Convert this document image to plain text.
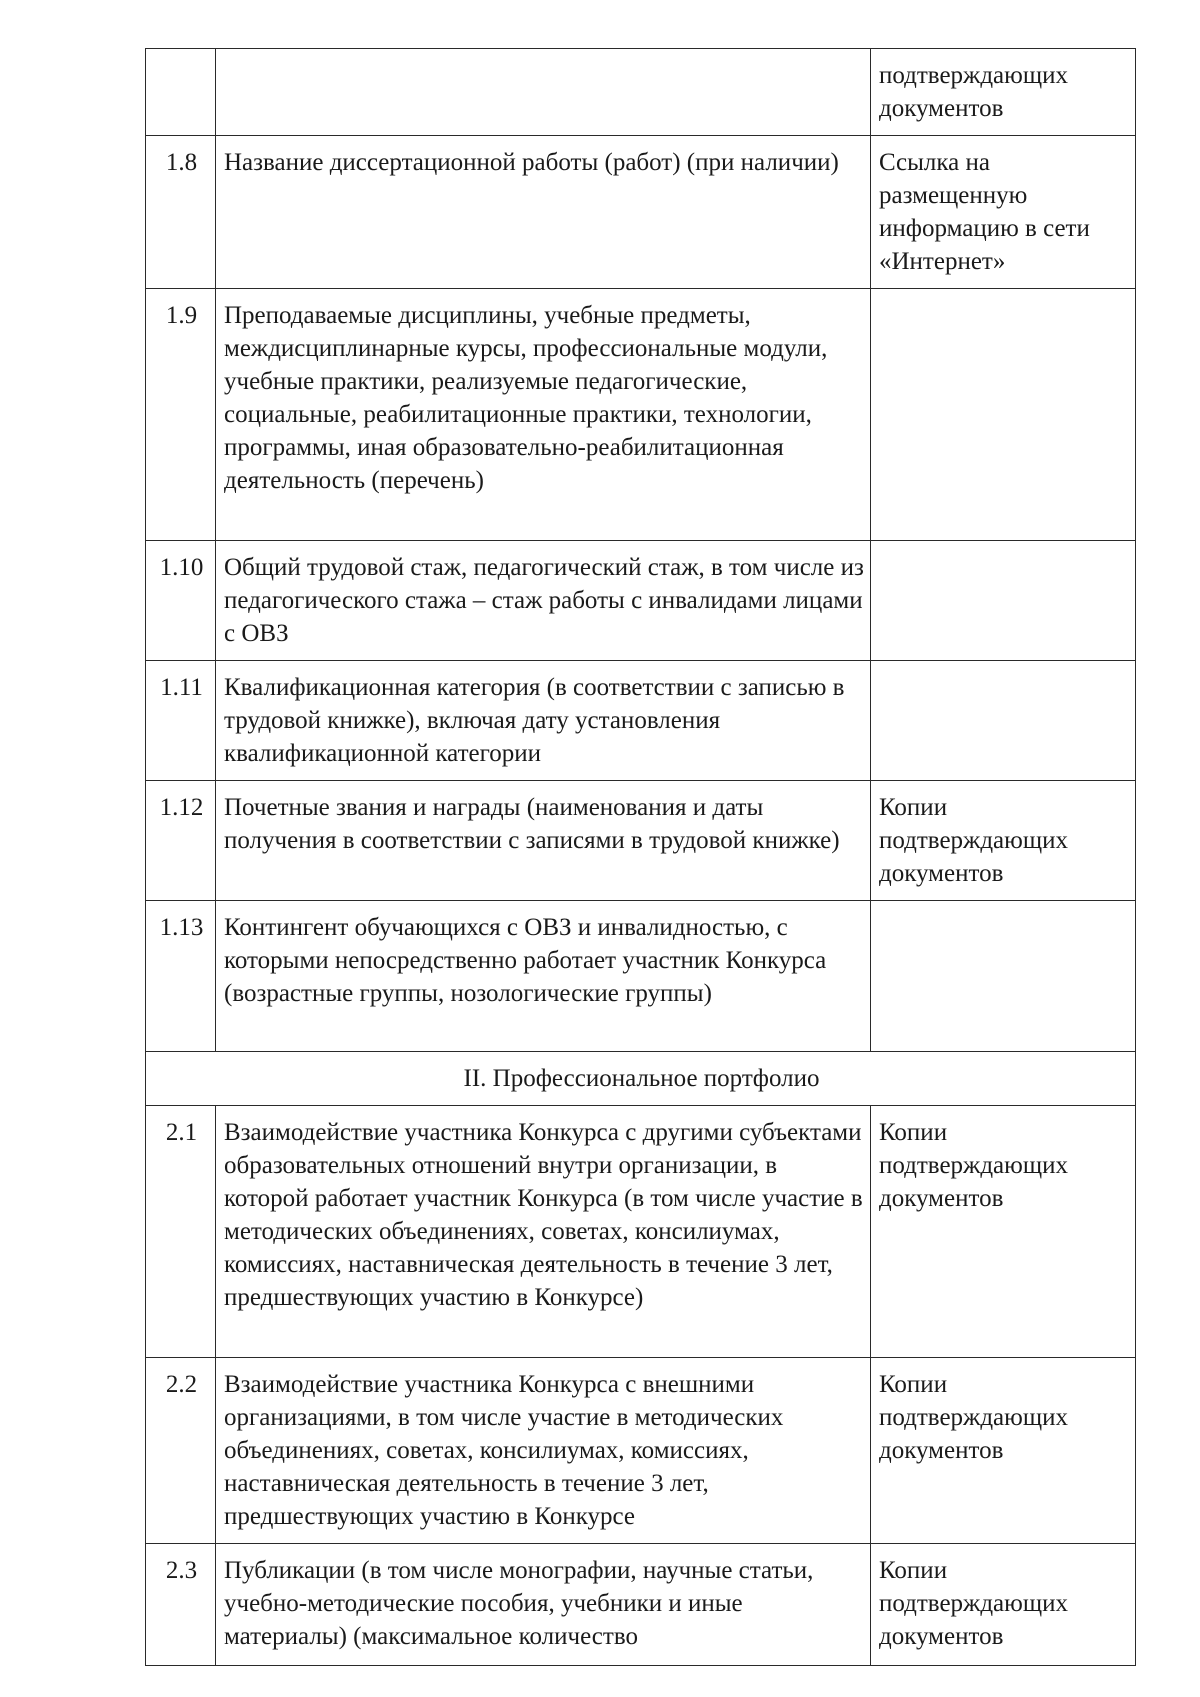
		подтверждающих документов
1.8	Название диссертационной работы (работ) (при наличии)	Ссылка на размещенную информацию в сети «Интернет»
1.9	Преподаваемые дисциплины, учебные предметы, междисциплинарные курсы, профессиональные модули, учебные практики, реализуемые педагогические, социальные, реабилитационные практики, технологии, программы, иная образовательно-реабилитационная деятельность (перечень)	
1.10	Общий трудовой стаж, педагогический стаж, в том числе из педагогического стажа – стаж работы с инвалидами лицами с ОВЗ	
1.11	Квалификационная категория (в соответствии с записью в трудовой книжке), включая дату установления квалификационной категории	
1.12	Почетные звания и награды (наименования и даты получения в соответствии с записями в трудовой книжке)	Копии подтверждающих документов
1.13	Контингент обучающихся с ОВЗ и инвалидностью, с которыми непосредственно работает участник Конкурса (возрастные группы, нозологические группы)	
II. Профессиональное портфолио		
2.1	Взаимодействие участника Конкурса с другими субъектами образовательных отношений внутри организации, в которой работает участник Конкурса (в том числе участие в методических объединениях, советах, консилиумах, комиссиях, наставническая деятельность в течение 3 лет, предшествующих участию в Конкурсе)	Копии подтверждающих документов
2.2	Взаимодействие участника Конкурса с внешними организациями, в том числе участие в методических объединениях, советах, консилиумах, комиссиях, наставническая деятельность в течение 3 лет, предшествующих участию в Конкурсе	Копии подтверждающих документов
2.3	Публикации (в том числе монографии, научные статьи, учебно-методические пособия, учебники и иные материалы) (максимальное количество	Копии подтверждающих документов
